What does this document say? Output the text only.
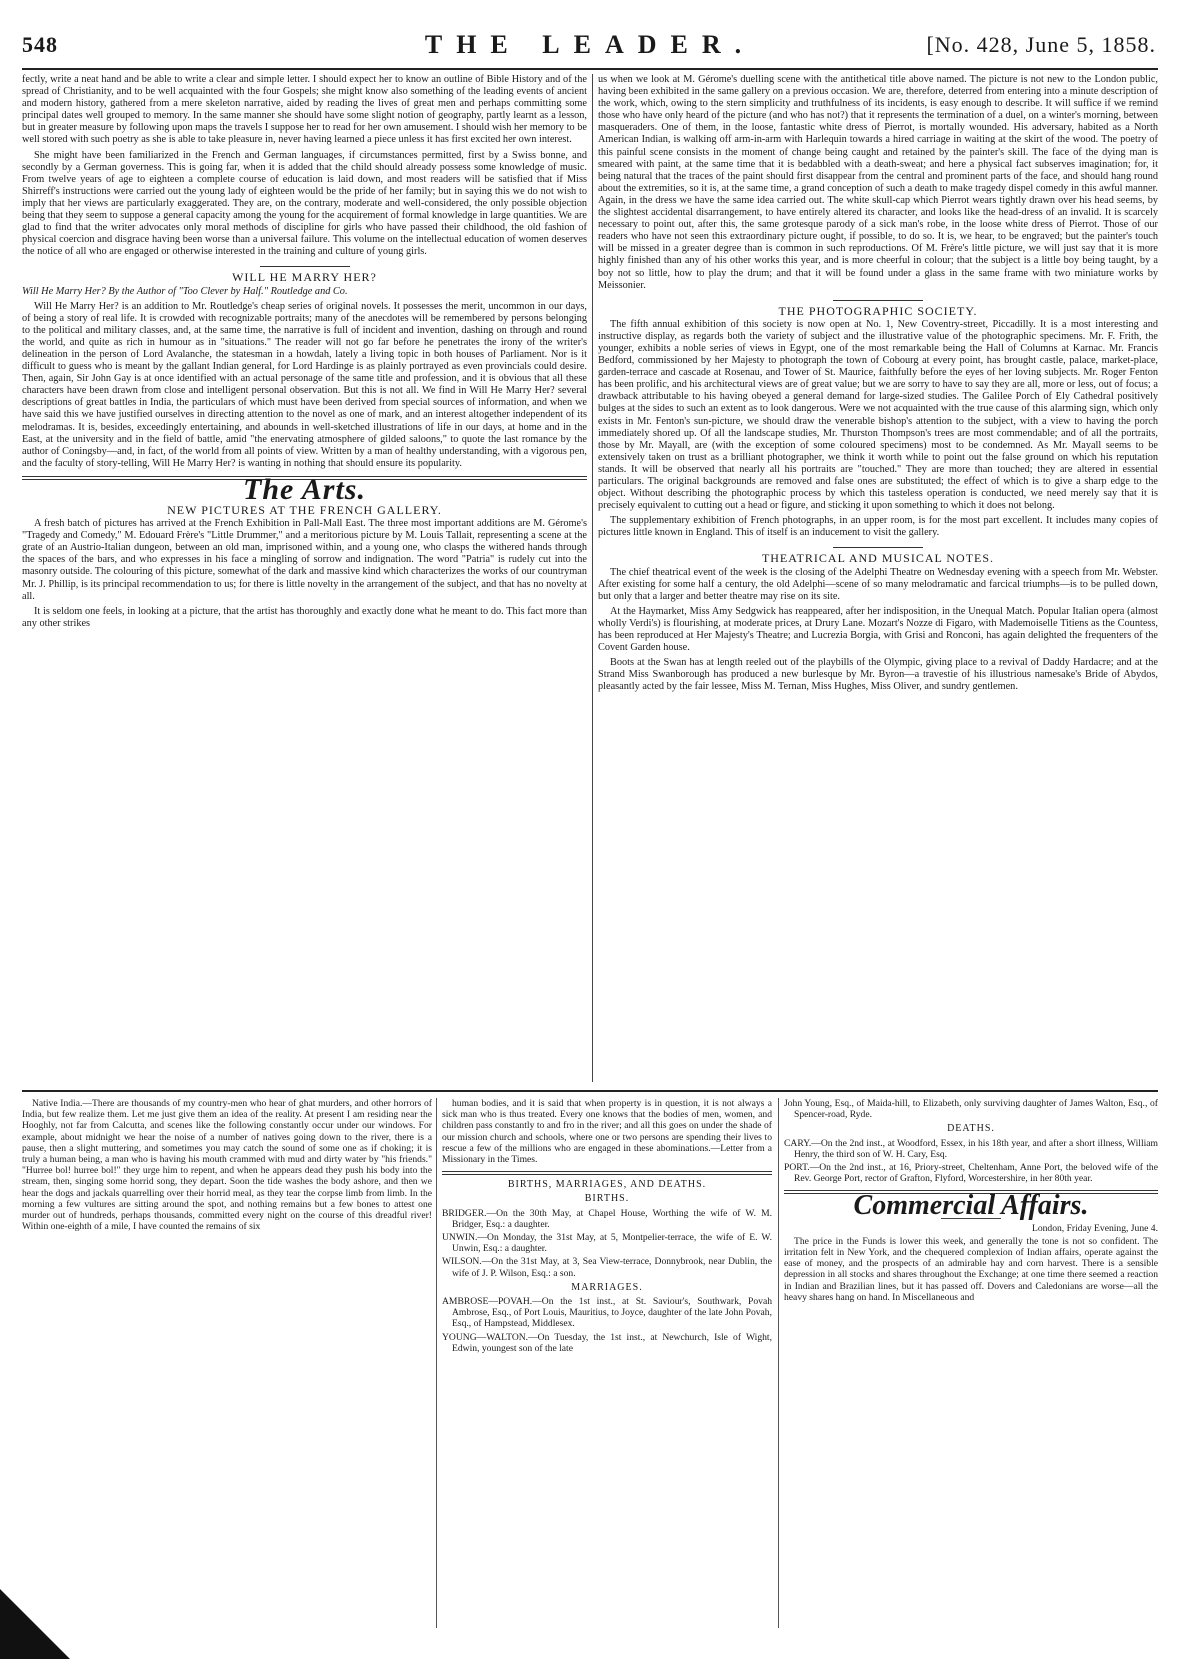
548	THE LEADER.	[No. 428, June 5, 1858.

fectly, write a neat hand and be able to write a clear and simple letter. I should expect her to know an outline of Bible History and of the spread of Christianity, and to be well acquainted with the four Gospels; she might know also something of the leading events of ancient and modern history, gathered from a mere skeleton narrative, aided by reading the lives of great men and perhaps committing some principal dates well grouped to memory. In the same manner she should have some slight notion of geography, partly learnt as a lesson, but in greater measure by following upon maps the travels I suppose her to read for her own amusement. I should wish her memory to be well stored with such poetry as she is able to take pleasure in, never having learned a piece unless it has first excited her own interest.

She might have been familiarized in the French and German languages, if circumstances permitted, first by a Swiss bonne, and secondly by a German governess. This is going far, when it is added that the child should already possess some knowledge of music. From twelve years of age to eighteen a complete course of education is laid down, and most readers will be satisfied that if Miss Shirreff's instructions were carried out the young lady of eighteen would be the pride of her family; but in saying this we do not wish to imply that her views are particularly exaggerated. They are, on the contrary, moderate and well-considered, the only possible objection being that they seem to suppose a general capacity among the young for the acquirement of formal knowledge in large quantities. We are glad to find that the writer advocates only moral methods of discipline for girls who have passed their childhood, the old fashion of physical coercion and disgrace having been worse than a universal failure. This volume on the intellectual education of women deserves the notice of all who are engaged or otherwise interested in the training and culture of young girls.

WILL HE MARRY HER?

Will He Marry Her? By the Author of "Too Clever by Half." Routledge and Co.

Will He Marry Her? is an addition to Mr. Routledge's cheap series of original novels. It possesses the merit, uncommon in our days, of being a story of real life. It is crowded with recognizable portraits; many of the anecdotes will be remembered by persons belonging to the political and military classes, and, at the same time, the narrative is full of incident and invention, dashing on through and round the world, and quite as rich in humour as in "situations." The reader will not go far before he penetrates the irony of the writer's delineation in the person of Lord Avalanche, the statesman in a howdah, lately a living topic in both houses of Parliament. Nor is it difficult to guess who is meant by the gallant Indian general, for Lord Hardinge is as plainly portrayed as even provincials could desire. Then, again, Sir John Gay is at once identified with an actual personage of the same title and profession, and it is obvious that all these characters have been drawn from close and intelligent personal observation. But this is not all. We find in Will He Marry Her? several descriptions of great battles in India, the particulars of which must have been derived from special sources of information, and when we have said this we have justified ourselves in directing attention to the novel as one of mark, and an interest altogether independent of its melodramas. It is, besides, exceedingly entertaining, and abounds in well-sketched illustrations of life in our days, at home and in the East, at the university and in the field of battle, amid "the enervating atmosphere of gilded saloons," to quote the last romance by the author of Coningsby—and, in fact, of the world from all points of view. Written by a man of healthy understanding, with a vigorous pen, and the faculty of story-telling, Will He Marry Her? is wanting in nothing that should ensure its popularity.

The Arts.
NEW PICTURES AT THE FRENCH GALLERY.

A fresh batch of pictures has arrived at the French Exhibition in Pall-Mall East. The three most important additions are M. Gérome's "Tragedy and Comedy," M. Edouard Frère's "Little Drummer," and a meritorious picture by M. Louis Tallait, representing a scene at the grate of an Austrio-Italian dungeon, between an old man, imprisoned within, and a young one, who clasps the withered hands through the spaces of the bars, and who expresses in his face a mingling of sorrow and indignation. The word "Patria" is rudely cut into the masonry outside. The colouring of this picture, somewhat of the dark and massive kind which characterizes the works of our countryman Mr. J. Phillip, is its principal recommendation to us; for there is little novelty in the arrangement of the subject, and that has no novelty at all.

It is seldom one feels, in looking at a picture, that the artist has thoroughly and exactly done what he meant to do. This fact more than any other strikes

us when we look at M. Gérome's duelling scene with the antithetical title above named. The picture is not new to the London public, having been exhibited in the same gallery on a previous occasion. We are, therefore, deterred from entering into a minute description of the work, which, owing to the stern simplicity and truthfulness of its incidents, is easy enough to describe. It will suffice if we remind those who have only heard of the picture (and who has not?) that it represents the termination of a duel, on a winter's morning, between masqueraders. One of them, in the loose, fantastic white dress of Pierrot, is mortally wounded. His adversary, habited as a North American Indian, is walking off arm-in-arm with Harlequin towards a hired carriage in waiting at the skirt of the wood. The poetry of this painful scene consists in the moment of change being caught and retained by the painter's skill. The face of the dying man is smeared with paint, at the same time that it is bedabbled with a death-sweat; and here a physical fact subserves imagination; for, it being natural that the traces of the paint should first disappear from the central and prominent parts of the face, and should hang round about the extremities, so it is, at the same time, a grand conception of such a death to make tragedy dispel comedy in this awful manner. Again, in the dress we have the same idea carried out. The white skull-cap which Pierrot wears tightly drawn over his head seems, by the slightest accidental disarrangement, to have entirely altered its character, and looks like the head-dress of an invalid. It is scarcely necessary to point out, after this, the same grotesque parody of a sick man's robe, in the loose white dress of Pierrot. Those of our readers who have not seen this extraordinary picture ought, if possible, to do so. It is, we hear, to be engraved; but the painter's touch will be missed in a greater degree than is common in such reproductions. Of M. Frère's little picture, we will just say that it is more highly finished than any of his other works this year, and is more cheerful in colour; that the subject is a little boy being taught, by a boy not so little, how to play the drum; and that it will be found under a glass in the same frame with two miniature works by Meissonier.

THE PHOTOGRAPHIC SOCIETY.

The fifth annual exhibition of this society is now open at No. 1, New Coventry-street, Piccadilly. It is a most interesting and instructive display, as regards both the variety of subject and the illustrative value of the photographic specimens. Mr. F. Frith, the younger, exhibits a noble series of views in Egypt, one of the most remarkable being the Hall of Columns at Karnac. Mr. Francis Bedford, commissioned by her Majesty to photograph the town of Cobourg at every point, has brought castle, palace, market-place, garden-terrace and cascade at Rosenau, and Tower of St. Maurice, faithfully before the eyes of her loving subjects. Mr. Roger Fenton has been prolific, and his architectural views are of great value; but we are sorry to have to say they are all, more or less, out of focus; a drawback attributable to his having obeyed a general demand for large-sized studies. The Galilee Porch of Ely Cathedral positively bulges at the sides to such an extent as to look dangerous. Were we not acquainted with the true cause of this alarming sign, which only exists in Mr. Fenton's sun-picture, we should draw the venerable bishop's attention to the subject, with a view to having the porch immediately shored up. Of all the landscape studies, Mr. Thurston Thompson's trees are most commendable; and of all the portraits, those by Mr. Mayall, are (with the exception of some coloured specimens) most to be condemned. As Mr. Mayall seems to be extensively taken on trust as a brilliant photographer, we think it worth while to point out the false ground on which his reputation stands. It will be observed that nearly all his portraits are "touched." They are more than touched; they are altered in essential particulars. The original backgrounds are removed and false ones are substituted; the effect of which is to give a sharp edge to the object. Without describing the photographic process by which this tasteless operation is conducted, we need merely say that it is precisely equivalent to cutting out a head or figure, and sticking it upon something to which it does not belong.

The supplementary exhibition of French photographs, in an upper room, is for the most part excellent. It includes many copies of pictures little known in England. This of itself is an inducement to visit the gallery.

THEATRICAL AND MUSICAL NOTES.

The chief theatrical event of the week is the closing of the Adelphi Theatre on Wednesday evening with a speech from Mr. Webster. After existing for some half a century, the old Adelphi—scene of so many melodramatic and farcical triumphs—is to be pulled down, but only that a larger and better theatre may rise on its site.

At the Haymarket, Miss Amy Sedgwick has reappeared, after her indisposition, in the Unequal Match. Popular Italian opera (almost wholly Verdi's) is flourishing, at moderate prices, at Drury Lane. Mozart's Nozze di Figaro, with Mademoiselle Titiens as the Countess, has been reproduced at Her Majesty's Theatre; and Lucrezia Borgia, with Grisi and Ronconi, has again delighted the frequenters of the Covent Garden house.

Boots at the Swan has at length reeled out of the playbills of the Olympic, giving place to a revival of Daddy Hardacre; and at the Strand Miss Swanborough has produced a new burlesque by Mr. Byron—a travestie of his illustrious namesake's Bride of Abydos, pleasantly acted by the fair lessee, Miss M. Ternan, Miss Hughes, Miss Oliver, and sundry gentlemen.

Native India.—There are thousands of my country-men who hear of ghat murders, and other horrors of India, but few realize them. Let me just give them an idea of the reality. At present I am residing near the Hooghly, not far from Calcutta, and scenes like the following constantly occur under our windows. For example, about midnight we hear the noise of a number of natives going down to the river, there is a pause, then a slight muttering, and sometimes you may catch the sound of some one as if choking; it is truly a human being, a man who is having his mouth crammed with mud and dirty water by "his friends." "Hurree bol! hurree bol!" they urge him to repent, and when he appears dead they push his body into the stream, then, singing some horrid song, they depart. Soon the tide washes the body ashore, and then we hear the dogs and jackals quarrelling over their horrid meal, as they tear the corpse limb from limb. In the morning a few vultures are sitting around the spot, and nothing remains but a few bones to attest one murder out of hundreds, perhaps thousands, committed every night on the course of this dreadful river! Within one-eighth of a mile, I have counted the remains of six

human bodies, and it is said that when property is in question, it is not always a sick man who is thus treated. Every one knows that the bodies of men, women, and children pass constantly to and fro in the river; and all this goes on under the shade of our mission church and schools, where one or two persons are spending their lives to rescue a few of the millions who are engaged in these abominations.—Letter from a Missionary in the Times.

BIRTHS, MARRIAGES, AND DEATHS.
BIRTHS.

BRIDGER.—On the 30th May, at Chapel House, Worthing the wife of W. M. Bridger, Esq.: a daughter.

UNWIN.—On Monday, the 31st May, at 5, Montpelier-terrace, the wife of E. W. Unwin, Esq.: a daughter.

WILSON.—On the 31st May, at 3, Sea View-terrace, Donnybrook, near Dublin, the wife of J. P. Wilson, Esq.: a son.

MARRIAGES.

AMBROSE—POVAH.—On the 1st inst., at St. Saviour's, Southwark, Povah Ambrose, Esq., of Port Louis, Mauritius, to Joyce, daughter of the late John Povah, Esq., of Hampstead, Middlesex.

YOUNG—WALTON.—On Tuesday, the 1st inst., at Newchurch, Isle of Wight, Edwin, youngest son of the late

John Young, Esq., of Maida-hill, to Elizabeth, only surviving daughter of James Walton, Esq., of Spencer-road, Ryde.

DEATHS.

CARY.—On the 2nd inst., at Woodford, Essex, in his 18th year, and after a short illness, William Henry, the third son of W. H. Cary, Esq.

PORT.—On the 2nd inst., at 16, Priory-street, Cheltenham, Anne Port, the beloved wife of the Rev. George Port, rector of Grafton, Flyford, Worcestershire, in her 80th year.

Commercial Affairs.
London, Friday Evening, June 4.

The price in the Funds is lower this week, and generally the tone is not so confident. The irritation felt in New York, and the chequered complexion of Indian affairs, operate against the ease of money, and the prospects of an admirable hay and corn harvest. There is a sensible depression in all stocks and shares throughout the Exchange; at one time there seemed a reaction in Indian and Brazilian lines, but it has passed off. Dovers and Caledonians are worse—all the heavy shares hang on hand. In Miscellaneous and
